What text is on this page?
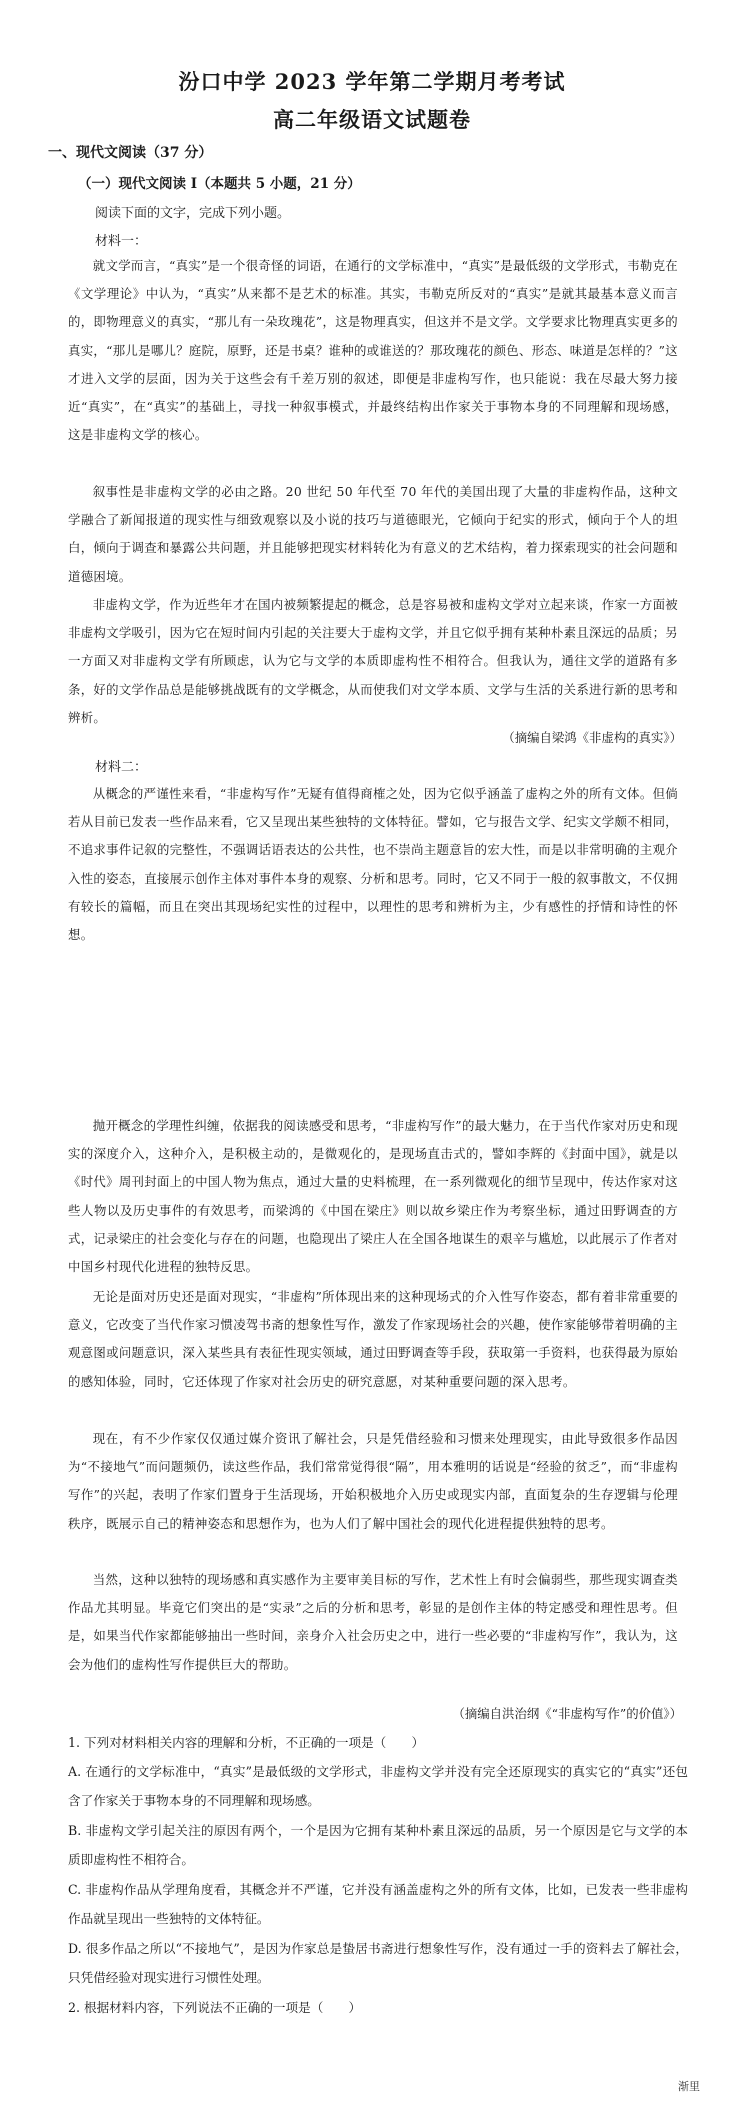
汾口中学 2023 学年第二学期月考考试
高二年级语文试题卷
一、现代文阅读（37 分）
（一）现代文阅读 I（本题共 5 小题，21 分）
阅读下面的文字，完成下列小题。
材料一：

就文学而言，“真实”是一个很奇怪的词语，在通行的文学标准中，“真实”是最低级的文学形式，韦勒克在《文学理论》中认为，“真实”从来都不是艺术的标准。其实，韦勒克所反对的“真实”是就其最基本意义而言的，即物理意义的真实，“那儿有一朵玫瑰花”，这是物理真实，但这并不是文学。文学要求比物理真实更多的真实，“那儿是哪儿？庭院，原野，还是书桌？谁种的或谁送的？那玫瑰花的颜色、形态、味道是怎样的？”这才进入文学的层面，因为关于这些会有千差万别的叙述，即便是非虚构写作，也只能说：我在尽最大努力接近“真实”，在“真实”的基础上，寻找一种叙事模式，并最终结构出作家关于事物本身的不同理解和现场感，这是非虚构文学的核心。

叙事性是非虚构文学的必由之路。20 世纪 50 年代至 70 年代的美国出现了大量的非虚构作品，这种文学融合了新闻报道的现实性与细致观察以及小说的技巧与道德眼光，它倾向于纪实的形式，倾向于个人的坦白，倾向于调查和暴露公共问题，并且能够把现实材料转化为有意义的艺术结构，着力探索现实的社会问题和道德困境。

非虚构文学，作为近些年才在国内被频繁提起的概念，总是容易被和虚构文学对立起来谈，作家一方面被非虚构文学吸引，因为它在短时间内引起的关注要大于虚构文学，并且它似乎拥有某种朴素且深远的品质；另一方面又对非虚构文学有所顾虑，认为它与文学的本质即虚构性不相符合。但我认为，通往文学的道路有多条，好的文学作品总是能够挑战既有的文学概念，从而使我们对文学本质、文学与生活的关系进行新的思考和辨析。

（摘编自梁鸿《非虚构的真实》）
材料二：

从概念的严谨性来看，“非虚构写作”无疑有值得商榷之处，因为它似乎涵盖了虚构之外的所有文体。但倘若从目前已发表一些作品来看，它又呈现出某些独特的文体特征。譬如，它与报告文学、纪实文学颇不相同，不追求事件记叙的完整性，不强调话语表达的公共性，也不崇尚主题意旨的宏大性，而是以非常明确的主观介入性的姿态，直接展示创作主体对事件本身的观察、分析和思考。同时，它又不同于一般的叙事散文，不仅拥有较长的篇幅，而且在突出其现场纪实性的过程中，以理性的思考和辨析为主，少有感性的抒情和诗性的怀想。

抛开概念的学理性纠缠，依据我的阅读感受和思考，“非虚构写作”的最大魅力，在于当代作家对历史和现实的深度介入，这种介入，是积极主动的，是微观化的，是现场直击式的，譬如李辉的《封面中国》，就是以《时代》周刊封面上的中国人物为焦点，通过大量的史料梳理，在一系列微观化的细节呈现中，传达作家对这些人物以及历史事件的有效思考，而梁鸿的《中国在梁庄》则以故乡梁庄作为考察坐标，通过田野调查的方式，记录梁庄的社会变化与存在的问题，也隐现出了梁庄人在全国各地谋生的艰辛与尴尬，以此展示了作者对中国乡村现代化进程的独特反思。

无论是面对历史还是面对现实，“非虚构”所体现出来的这种现场式的介入性写作姿态，都有着非常重要的意义，它改变了当代作家习惯凌驾书斋的想象性写作，激发了作家现场社会的兴趣，使作家能够带着明确的主观意图或问题意识，深入某些具有表征性现实领域，通过田野调查等手段，获取第一手资料，也获得最为原始的感知体验，同时，它还体现了作家对社会历史的研究意愿，对某种重要问题的深入思考。

现在，有不少作家仅仅通过媒介资讯了解社会，只是凭借经验和习惯来处理现实，由此导致很多作品因为“不接地气”而问题频仍，读这些作品，我们常常觉得很“隔”，用本雅明的话说是“经验的贫乏”，而“非虚构写作”的兴起，表明了作家们置身于生活现场，开始积极地介入历史或现实内部，直面复杂的生存逻辑与伦理秩序，既展示自己的精神姿态和思想作为，也为人们了解中国社会的现代化进程提供独特的思考。

当然，这种以独特的现场感和真实感作为主要审美目标的写作，艺术性上有时会偏弱些，那些现实调查类作品尤其明显。毕竟它们突出的是“实录”之后的分析和思考，彰显的是创作主体的特定感受和理性思考。但是，如果当代作家都能够抽出一些时间，亲身介入社会历史之中，进行一些必要的“非虚构写作”，我认为，这会为他们的虚构性写作提供巨大的帮助。

（摘编自洪治纲《“非虚构写作”的价值》）

1. 下列对材料相关内容的理解和分析，不正确的一项是（　　）

A. 在通行的文学标准中，“真实”是最低级的文学形式，非虚构文学并没有完全还原现实的真实它的“真实”还包含了作家关于事物本身的不同理解和现场感。

B. 非虚构文学引起关注的原因有两个，一个是因为它拥有某种朴素且深远的品质，另一个原因是它与文学的本质即虚构性不相符合。

C. 非虚构作品从学理角度看，其概念并不严谨，它并没有涵盖虚构之外的所有文体，比如，已发表一些非虚构作品就呈现出一些独特的文体特征。

D. 很多作品之所以“不接地气”，是因为作家总是蛰居书斋进行想象性写作，没有通过一手的资料去了解社会，只凭借经验对现实进行习惯性处理。

2. 根据材料内容，下列说法不正确的一项是（　　）

渐里
